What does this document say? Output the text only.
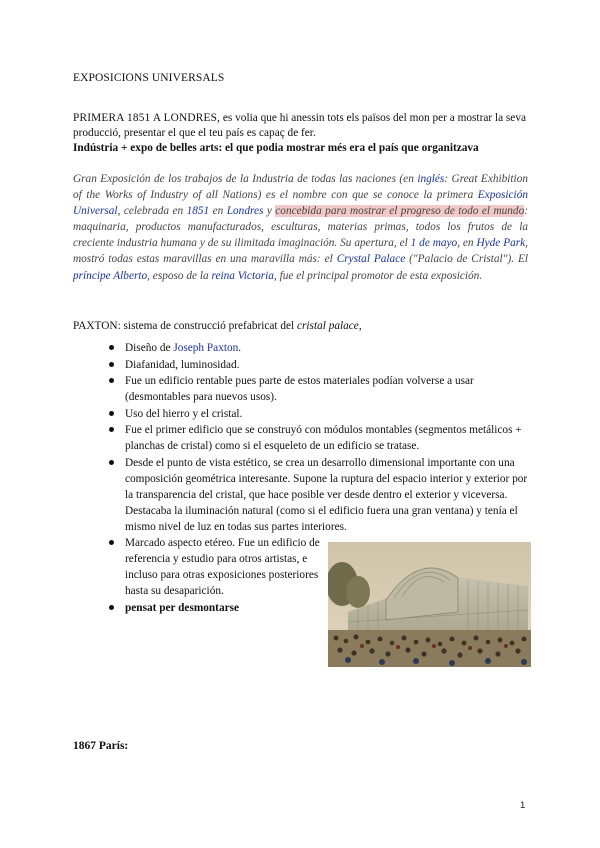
EXPOSICIONS UNIVERSALS
PRIMERA 1851 A LONDRES, es volia que hi anessin tots els països del mon per a mostrar la seva producció, presentar el que el teu país es capaç de fer.
Indústria + expo de belles arts: el que podia mostrar més era el país que organitzava
Gran Exposición de los trabajos de la Industria de todas las naciones (en inglés: Great Exhibition of the Works of Industry of all Nations) es el nombre con que se conoce la primera Exposición Universal, celebrada en 1851 en Londres y concebida para mostrar el progreso de todo el mundo: maquinaria, productos manufacturados, esculturas, materias primas, todos los frutos de la creciente industria humana y de su ilimitada imaginación. Su apertura, el 1 de mayo, en Hyde Park, mostró todas estas maravillas en una maravilla más: el Crystal Palace ("Palacio de Cristal"). El príncipe Alberto, esposo de la reina Victoria, fue el principal promotor de esta exposición.
PAXTON: sistema de construcció prefabricat del cristal palace,
Diseño de Joseph Paxton.
Diafanidad, luminosidad.
Fue un edificio rentable pues parte de estos materiales podían volverse a usar (desmontables para nuevos usos).
Uso del hierro y el cristal.
Fue el primer edificio que se construyó con módulos montables (segmentos metálicos + planchas de cristal) como si el esqueleto de un edificio se tratase.
Desde el punto de vista estético, se crea un desarrollo dimensional importante con una composición geométrica interesante. Supone la ruptura del espacio interior y exterior por la transparencia del cristal, que hace posible ver desde dentro el exterior y viceversa. Destacaba la iluminación natural (como si el edificio fuera una gran ventana) y tenía el mismo nivel de luz en todas sus partes interiores.
Marcado aspecto etéreo. Fue un edificio de referencia y estudio para otros artistas, e incluso para otras exposiciones posteriores hasta su desaparición.
pensat per desmontarse
1867 París:
1
